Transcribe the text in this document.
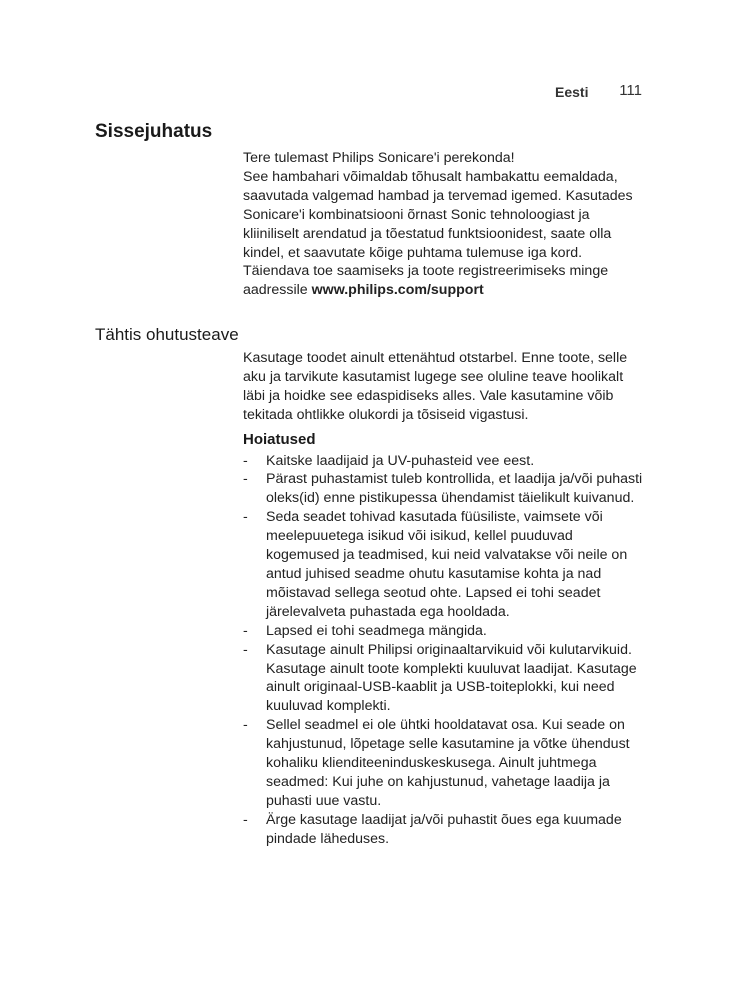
Eesti 111
Sissejuhatus

Tere tulemast Philips Sonicare'i perekonda!

See hambahari võimaldab tõhusalt hambakattu eemaldada, saavutada valgemad hambad ja tervemad igemed. Kasutades Sonicare'i kombinatsiooni õrnast Sonic tehnoloogiast ja kliiniliselt arendatud ja tõestatud funktsioonidest, saate olla kindel, et saavutate kõige puhtama tulemuse iga kord.

Täiendava toe saamiseks ja toote registreerimiseks minge aadressile www.philips.com/support

Tähtis ohutusteave

Kasutage toodet ainult ettenähtud otstarbel. Enne toote, selle aku ja tarvikute kasutamist lugege see oluline teave hoolikalt läbi ja hoidke see edaspidiseks alles. Vale kasutamine võib tekitada ohtlikke olukordi ja tõsiseid vigastusi.

Hoiatused
- Kaitske laadijaid ja UV-puhasteid vee eest.
- Pärast puhastamist tuleb kontrollida, et laadija ja/või puhasti oleks(id) enne pistikupessa ühendamist täielikult kuivanud.
- Seda seadet tohivad kasutada füüsiliste, vaimsete või meelepuuetega isikud või isikud, kellel puuduvad kogemused ja teadmised, kui neid valvatakse või neile on antud juhised seadme ohutu kasutamise kohta ja nad mõistavad sellega seotud ohte. Lapsed ei tohi seadet järelevalveta puhastada ega hooldada.
- Lapsed ei tohi seadmega mängida.
- Kasutage ainult Philipsi originaaltarvikuid või kulutarvikuid. Kasutage ainult toote komplekti kuuluvat laadijat. Kasutage ainult originaal-USB-kaablit ja USB-toiteplokki, kui need kuuluvad komplekti.
- Sellel seadmel ei ole ühtki hooldatavat osa. Kui seade on kahjustunud, lõpetage selle kasutamine ja võtke ühendust kohaliku klienditeeninduskeskusega. Ainult juhtmega seadmed: Kui juhe on kahjustunud, vahetage laadija ja puhasti uue vastu.
- Ärge kasutage laadijat ja/või puhastit õues ega kuumade pindade läheduses.
